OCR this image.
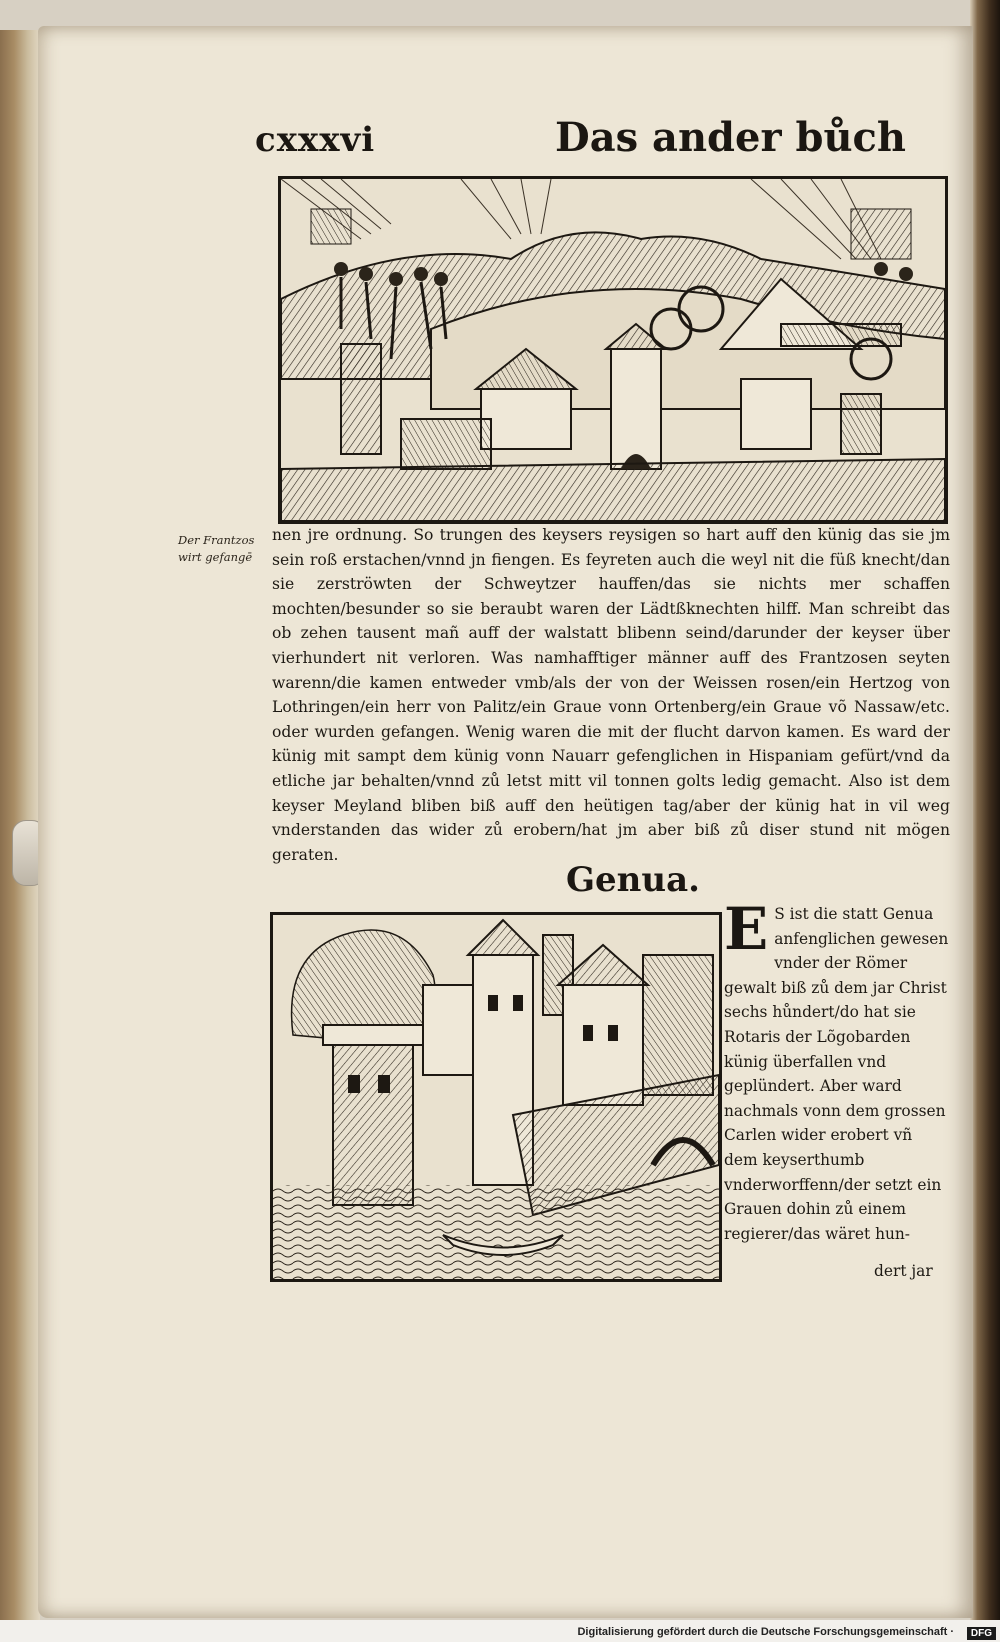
cxxxvi	Das ander bůch
Der Frantzos wirt gefangē

nen jre ordnung. So trungen des keysers reysigen so hart auff den künig das sie jm sein roß erstachen/vnnd jn fiengen. Es feyreten auch die weyl nit die füß knecht/dan sie zerströwten der Schweytzer hauffen/das sie nichts mer schaffen mochten/besunder so sie beraubt waren der Lädtßknechten hilff. Man schreibt das ob zehen tausent mañ auff der walstatt blibenn seind/darunder der keyser über vierhundert nit verloren. Was namhafftiger männer auff des Frantzosen seyten warenn/die kamen entweder vmb/als der von der Weissen rosen/ein Hertzog von Lothringen/ein herr von Palitz/ein Graue vonn Ortenberg/ein Graue võ Nassaw/etc. oder wurden gefangen. Wenig waren die mit der flucht darvon kamen. Es ward der künig mit sampt dem künig vonn Nauarr gefenglichen in Hispaniam gefürt/vnd da etliche jar behalten/vnnd zů letst mitt vil tonnen golts ledig gemacht. Also ist dem keyser Meyland bliben biß auff den heütigen tag/aber der künig hat in vil weg vnderstanden das wider zů erobern/hat jm aber biß zů diser stund nit mögen geraten.

Genua.

E S ist die statt Genua anfenglichen gewesen vnder der Römer gewalt biß zů dem jar Christ sechs hůndert/do hat sie Rotaris der Lõgobarden künig überfallen vnd geplündert. Aber ward nachmals vonn dem grossen Carlen wider erobert vñ dem keyserthumb vnderworffenn/der setzt ein Grauen dohin zů einem regierer/das wäret hun-

dert jar
Digitalisierung gefördert durch die Deutsche Forschungsgemeinschaft ·	DFG
